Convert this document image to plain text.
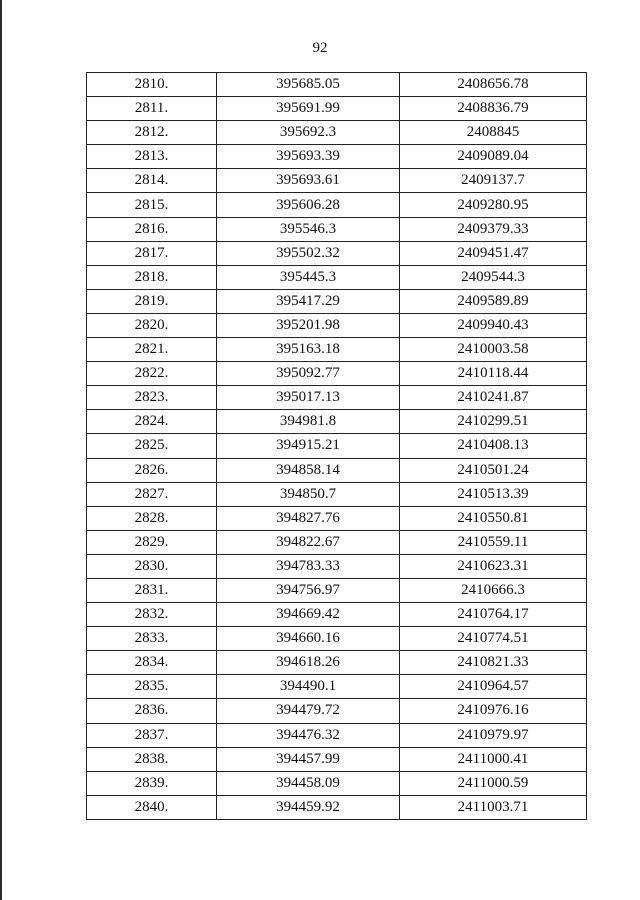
92
2810.	395685.05	2408656.78
2811.	395691.99	2408836.79
2812.	395692.3	2408845
2813.	395693.39	2409089.04
2814.	395693.61	2409137.7
2815.	395606.28	2409280.95
2816.	395546.3	2409379.33
2817.	395502.32	2409451.47
2818.	395445.3	2409544.3
2819.	395417.29	2409589.89
2820.	395201.98	2409940.43
2821.	395163.18	2410003.58
2822.	395092.77	2410118.44
2823.	395017.13	2410241.87
2824.	394981.8	2410299.51
2825.	394915.21	2410408.13
2826.	394858.14	2410501.24
2827.	394850.7	2410513.39
2828.	394827.76	2410550.81
2829.	394822.67	2410559.11
2830.	394783.33	2410623.31
2831.	394756.97	2410666.3
2832.	394669.42	2410764.17
2833.	394660.16	2410774.51
2834.	394618.26	2410821.33
2835.	394490.1	2410964.57
2836.	394479.72	2410976.16
2837.	394476.32	2410979.97
2838.	394457.99	2411000.41
2839.	394458.09	2411000.59
2840.	394459.92	2411003.71
